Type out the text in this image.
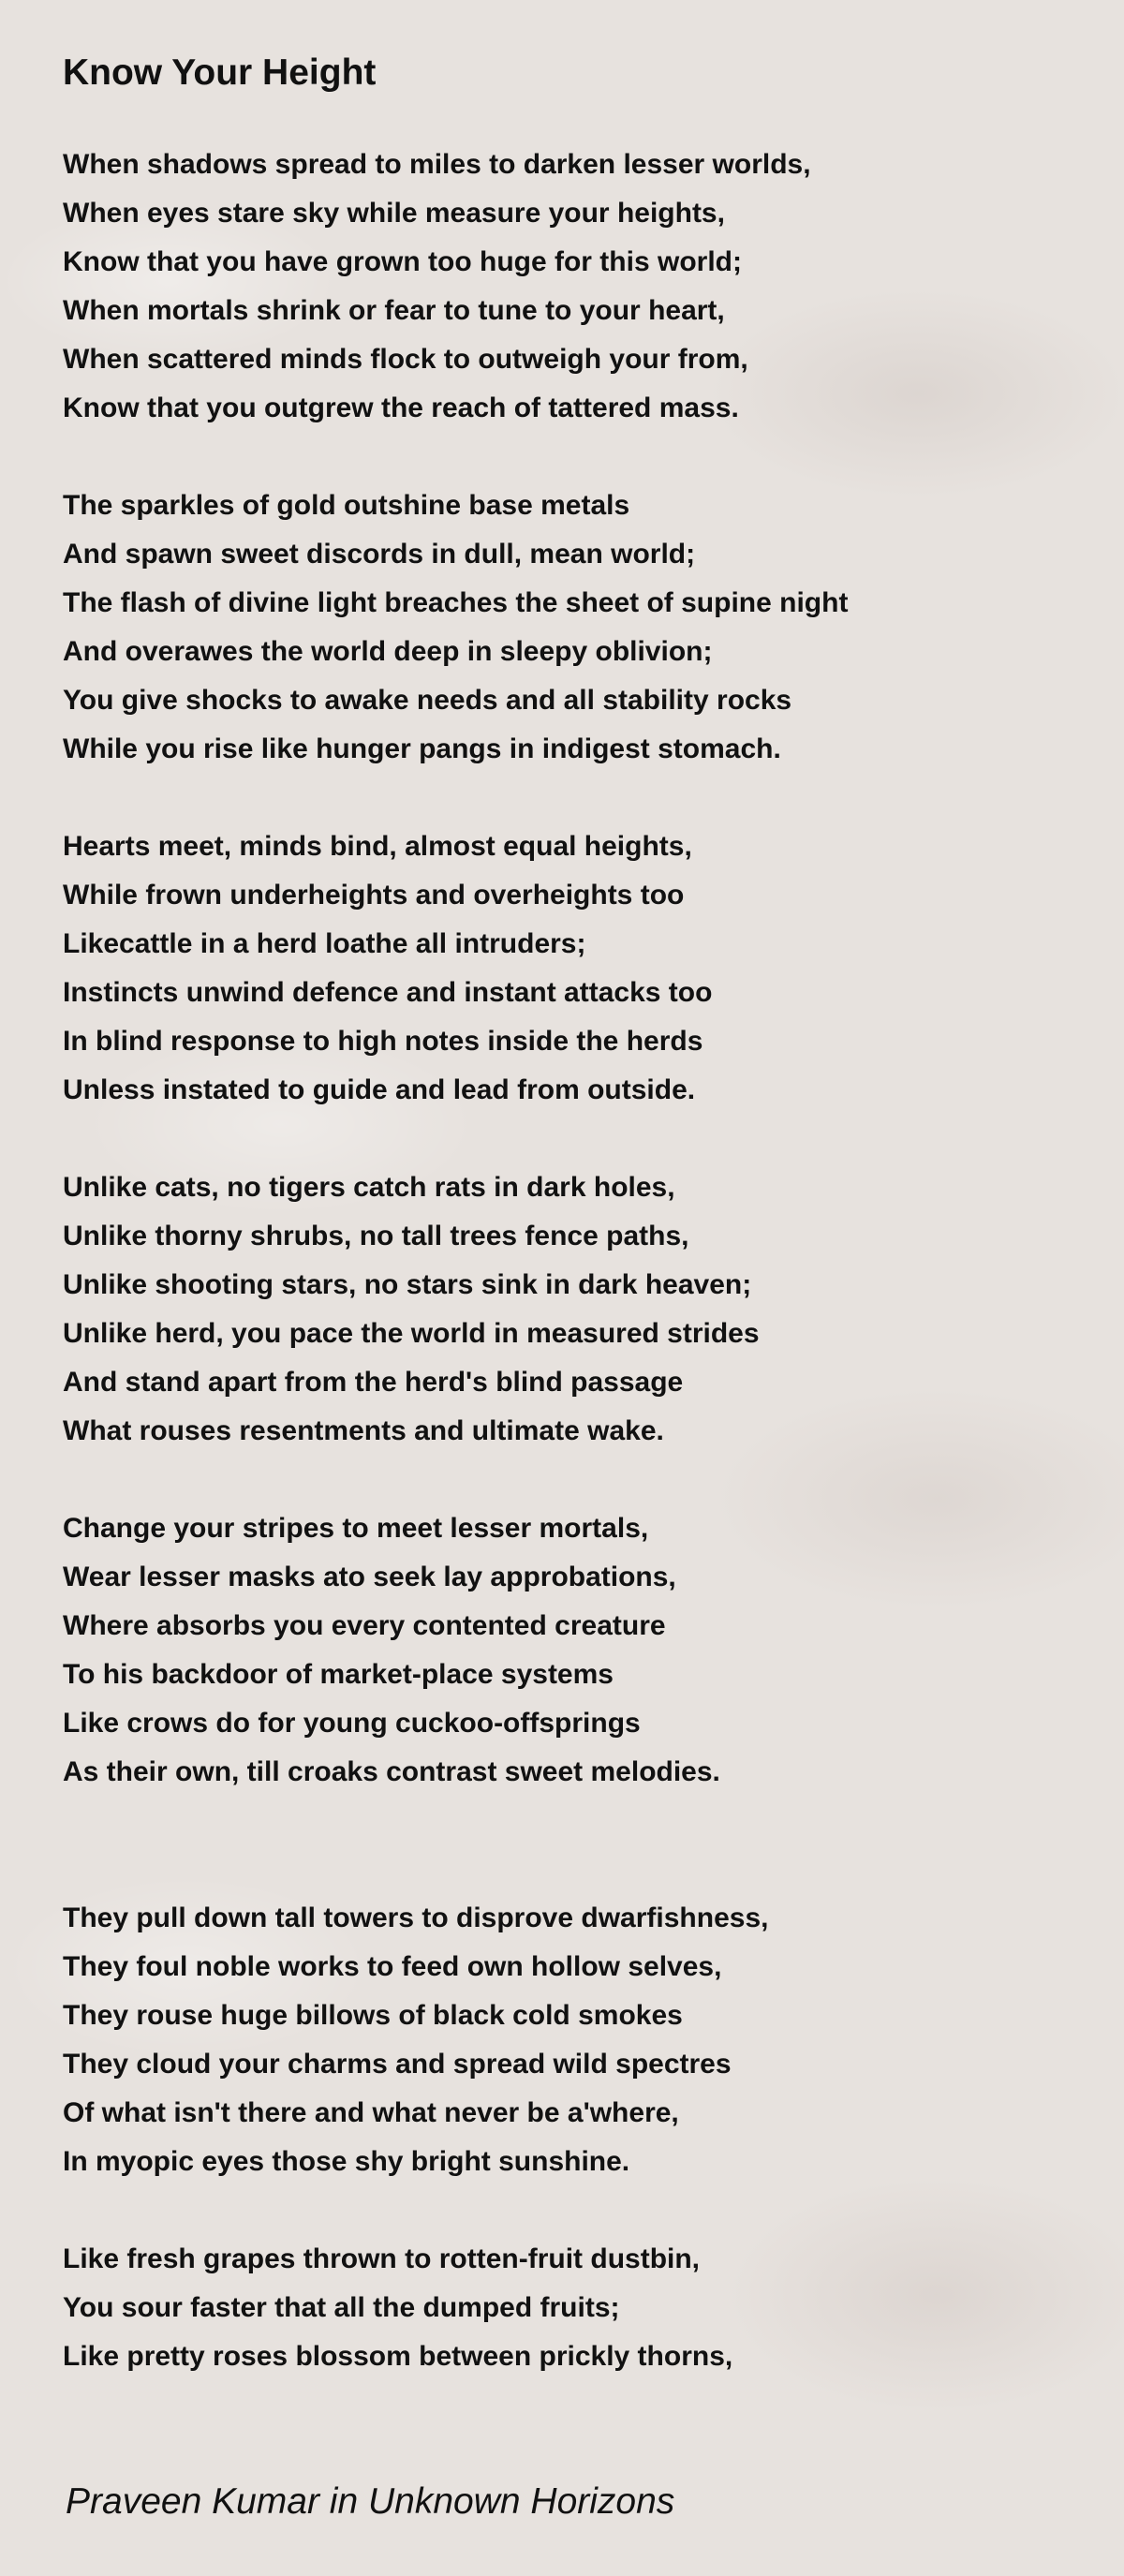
Know Your Height
When shadows spread to miles to darken lesser worlds,
When eyes stare sky while measure your heights,
Know that you have grown too huge for this world;
When mortals shrink or fear to tune to your heart,
When scattered minds flock to outweigh your from,
Know that you outgrew the reach of tattered mass.
The sparkles of gold outshine base metals
And spawn sweet discords in dull, mean world;
The flash of divine light breaches the sheet of supine night
And overawes the world deep in sleepy oblivion;
You give shocks to awake needs and all stability rocks
While you rise like hunger pangs in indigest stomach.
Hearts meet, minds bind, almost equal heights,
While frown underheights and overheights too
Likecattle in a herd loathe all intruders;
Instincts unwind defence and instant attacks too
In blind response to high notes inside the herds
Unless instated to guide and lead from outside.
Unlike cats, no tigers catch rats in dark holes,
Unlike thorny shrubs, no tall trees fence paths,
Unlike shooting stars, no stars sink in dark heaven;
Unlike herd, you pace the world in measured strides
And stand apart from the herd's blind passage
What rouses resentments and ultimate wake.
Change your stripes to meet lesser mortals,
Wear lesser masks ato seek lay approbations,
Where absorbs you every contented creature
To his backdoor of market-place systems
Like crows do for young cuckoo-offsprings
As their own, till croaks contrast sweet melodies.
They pull down tall towers to disprove dwarfishness,
They foul noble works to feed own hollow selves,
They rouse huge billows of black cold smokes
They cloud your charms and spread wild spectres
Of what isn't there and what never be a'where,
In myopic eyes those shy bright sunshine.
Like fresh grapes thrown to rotten-fruit dustbin,
You sour faster that all the dumped fruits;
Like pretty roses blossom between prickly thorns,
Praveen Kumar in Unknown Horizons
